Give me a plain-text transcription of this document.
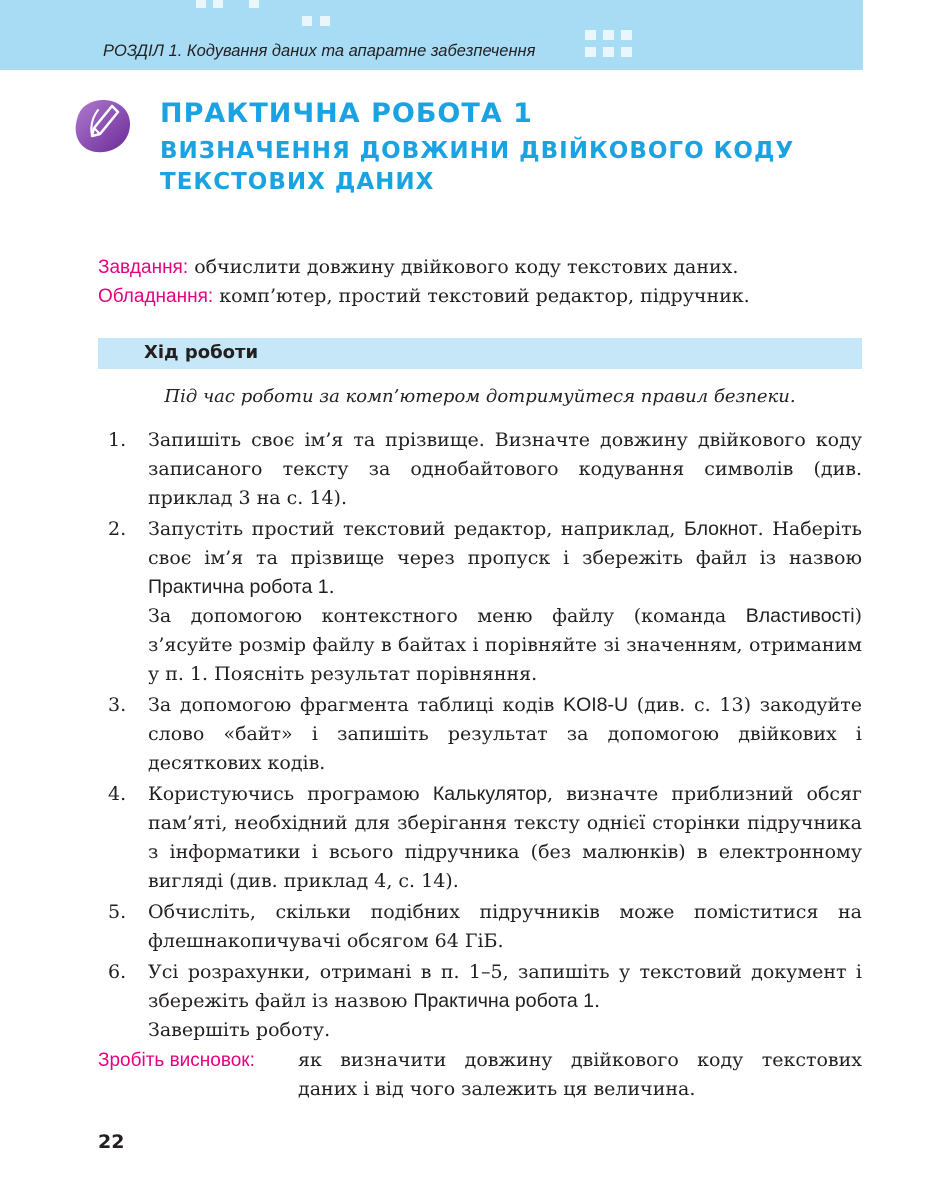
РОЗДІЛ 1. Кодування даних та апаратне забезпечення
ПРАКТИЧНА РОБОТА 1
ВИЗНАЧЕННЯ ДОВЖИНИ ДВІЙКОВОГО КОДУ
ТЕКСТОВИХ ДАНИХ
Завдання: обчислити довжину двійкового коду текстових даних.
Обладнання: комп’ютер, простий текстовий редактор, підручник.
Хід роботи
Під час роботи за комп’ютером дотримуйтеся правил безпеки.
1. Запишіть своє ім’я та прізвище. Визначте довжину двійкового коду записаного тексту за однобайтового кодування символів (див. приклад 3 на с. 14).

2. Запустіть простий текстовий редактор, наприклад, Блокнот. Наберіть своє ім’я та прізвище через пропуск і збережіть файл із назвою Практична робота 1.

За допомогою контекстного меню файлу (команда Властивості) з’ясуйте розмір файлу в байтах і порівняйте зі значенням, отриманим у п. 1. Поясніть результат порівняння.

3. За допомогою фрагмента таблиці кодів KOI8-U (див. с. 13) закодуйте слово «байт» і запишіть результат за допомогою двійкових і десяткових кодів.

4. Користуючись програмою Калькулятор, визначте приблизний обсяг пам’яті, необхідний для зберігання тексту однієї сторінки підручника з інформатики і всього підручника (без малюнків) в електронному вигляді (див. приклад 4, с. 14).

5. Обчисліть, скільки подібних підручників може поміститися на флешнакопичувачі обсягом 64 ГіБ.

6. Усі розрахунки, отримані в п. 1–5, запишіть у текстовий документ і збережіть файл із назвою Практична робота 1.

Завершіть роботу.

Зробіть висновок: як визначити довжину двійкового коду текстових даних і від чого залежить ця величина.
22
